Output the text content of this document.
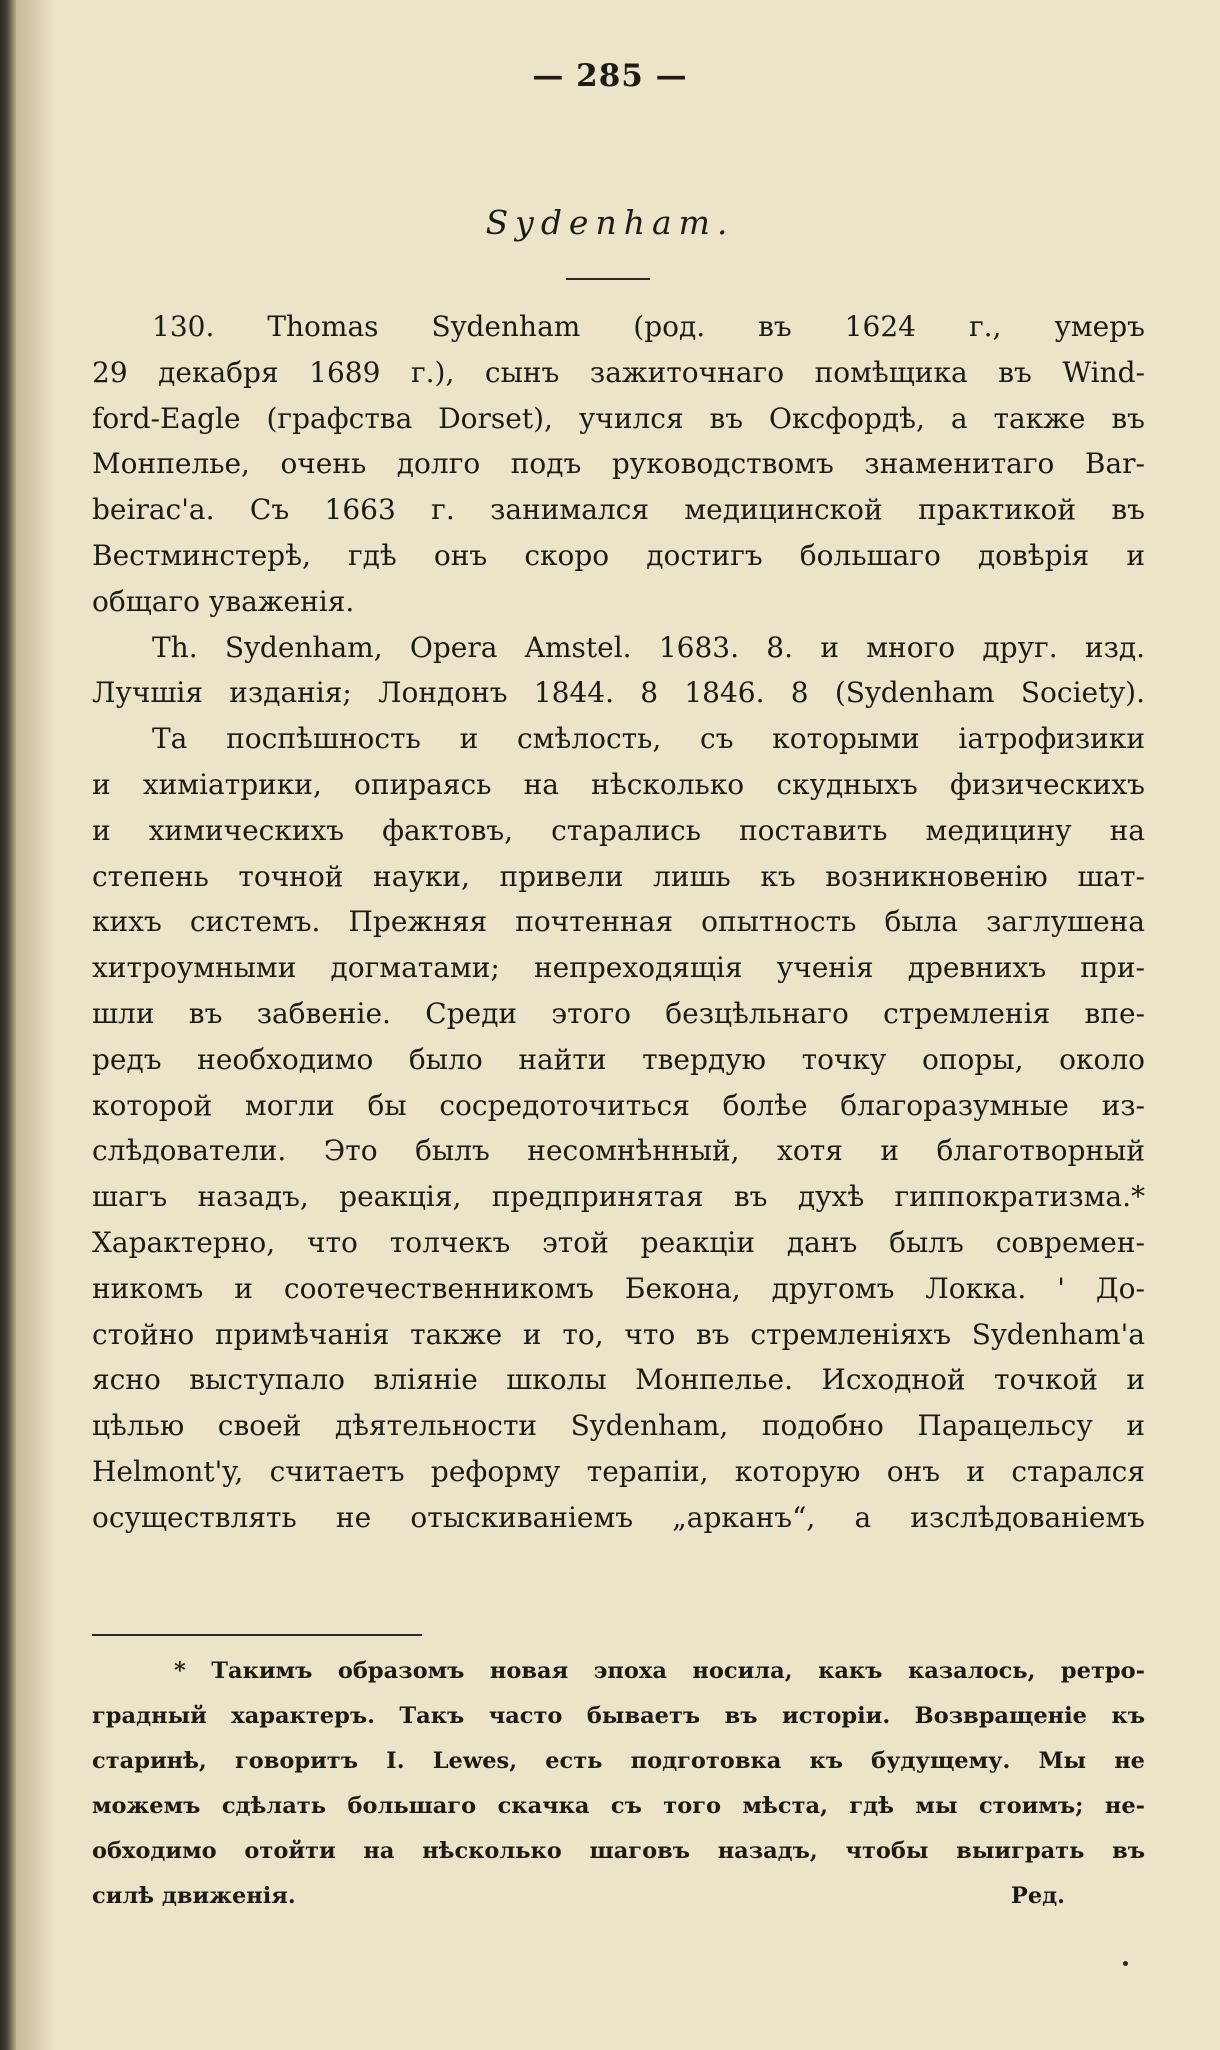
— 285 —
Sydenham.
130. Thomas Sydenham (род. въ 1624 г., умеръ
29 декабря 1689 г.), сынъ зажиточнаго помѣщика въ Wind-
ford-Eagle (графства Dorset), учился въ Оксфордѣ, а также въ
Монпелье, очень долго подъ руководствомъ знаменитаго Bar-
beirac'a. Съ 1663 г. занимался медицинской практикой въ
Вестминстерѣ, гдѣ онъ скоро достигъ большаго довѣрія и
общаго уваженія.
Th. Sydenham, Opera Amstel. 1683. 8. и много друг. изд.
Лучшія изданія; Лондонъ 1844. 8 1846. 8 (Sydenham Society).
Та поспѣшность и смѣлость, съ которыми іатрофизики
и химіатрики, опираясь на нѣсколько скудныхъ физическихъ
и химическихъ фактовъ, старались поставить медицину на
степень точной науки, привели лишь къ возникновенію шат-
кихъ системъ. Прежняя почтенная опытность была заглушена
хитроумными догматами; непреходящія ученія древнихъ при-
шли въ забвеніе. Среди этого безцѣльнаго стремленія впе-
редъ необходимо было найти твердую точку опоры, около
которой могли бы сосредоточиться болѣе благоразумные из-
слѣдователи. Это былъ несомнѣнный, хотя и благотворный
шагъ назадъ, реакція, предпринятая въ духѣ гиппократизма.*
Характерно, что толчекъ этой реакціи данъ былъ современ-
никомъ и соотечественникомъ Бекона, другомъ Локка. ' До-
стойно примѣчанія также и то, что въ стремленіяхъ Sydenham'a
ясно выступало вліяніе школы Монпелье. Исходной точкой и
цѣлью своей дѣятельности Sydenham, подобно Парацельсу и
Helmont'y, считаетъ реформу терапіи, которую онъ и старался
осуществлять не отыскиваніемъ „арканъ“, а изслѣдованіемъ
* Такимъ образомъ новая эпоха носила, какъ казалось, ретро-
градный характеръ. Такъ часто бываетъ въ исторіи. Возвращеніе къ
старинѣ, говоритъ I. Lewes, есть подготовка къ будущему. Мы не
можемъ сдѣлать большаго скачка съ того мѣста, гдѣ мы стоимъ; не-
обходимо отойти на нѣсколько шаговъ назадъ, чтобы выиграть въ
силѣ движенія.	Ред.
